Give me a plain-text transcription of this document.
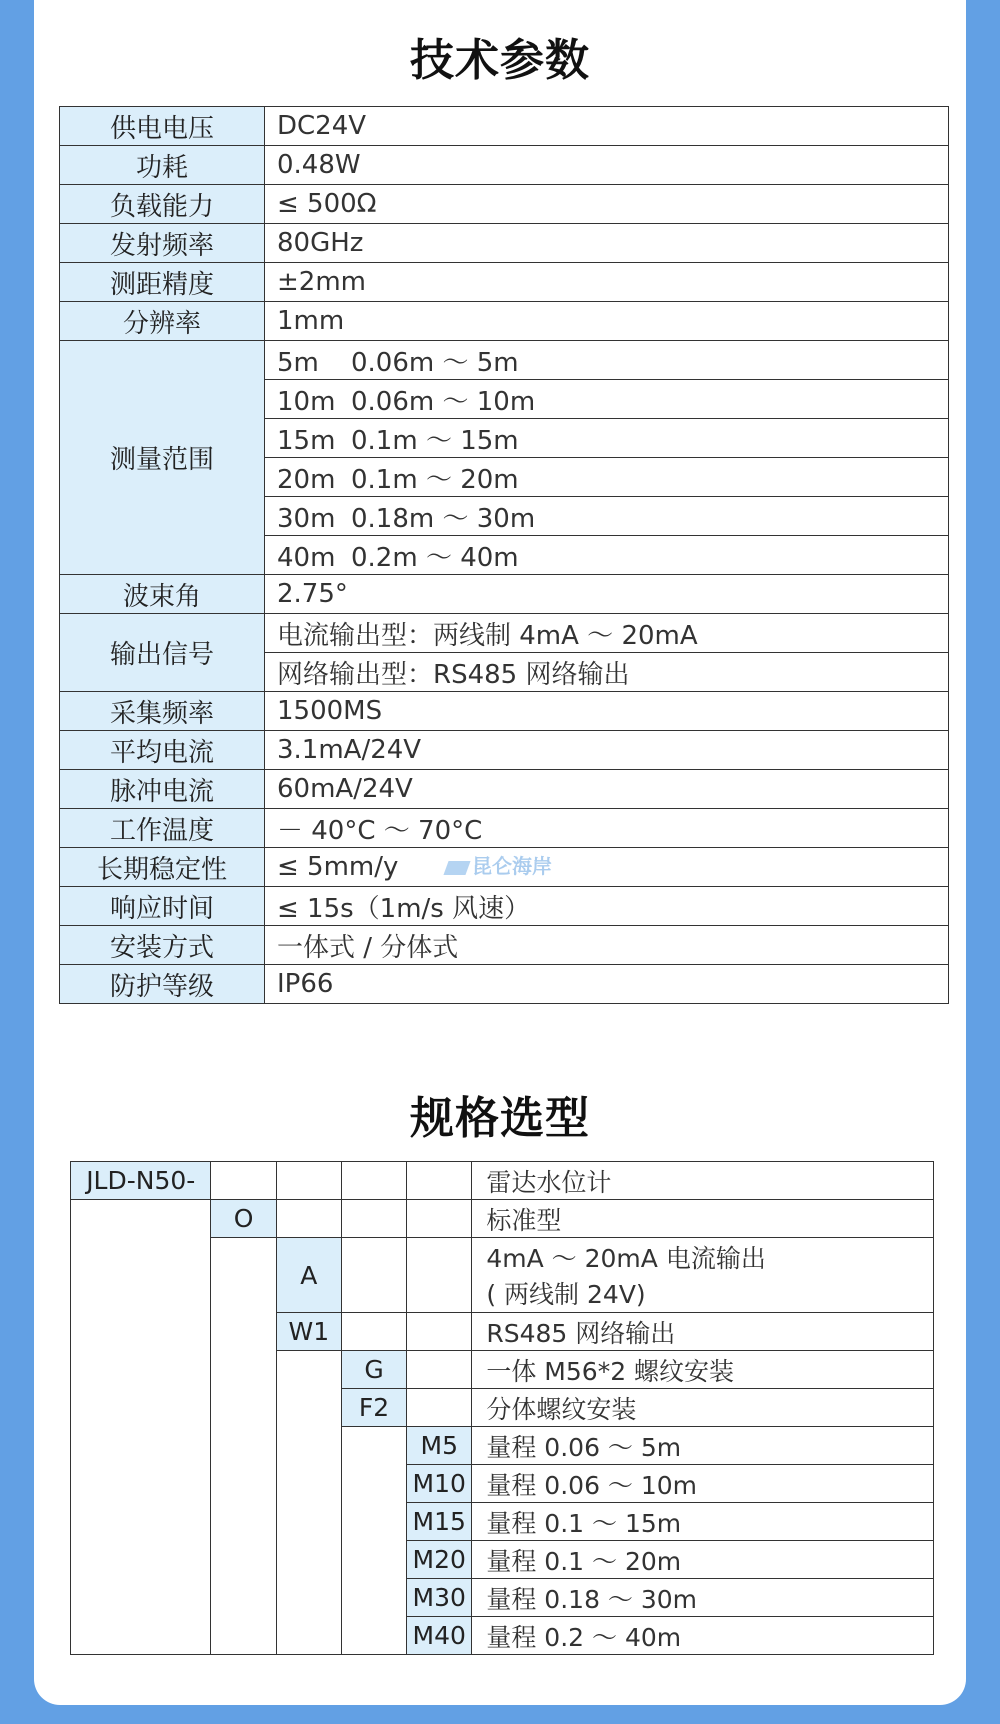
技术参数
供电电压	DC24V
功耗	0.48W
负载能力	≤ 500Ω
发射频率	80GHz
测距精度	±2mm
分辨率	1mm
测量范围	5m 0.06m ～ 5m
	10m 0.06m ～ 10m
	15m 0.1m ～ 15m
	20m 0.1m ～ 20m
	30m 0.18m ～ 30m
	40m 0.2m ～ 40m
波束角	2.75°
输出信号	电流输出型：两线制 4mA ～ 20mA
	网络输出型：RS485 网络输出
采集频率	1500MS
平均电流	3.1mA/24V
脉冲电流	60mA/24V
工作温度	－ 40°C ～ 70°C
长期稳定性	≤ 5mm/y
响应时间	≤ 15s（1m/s 风速）
安装方式	一体式 / 分体式
防护等级	IP66
昆仑海岸
规格选型
JLD-N50-					雷达水位计
	O				标准型
		A			4mA ～ 20mA 电流输出
( 两线制 24V)

		W1			RS485 网络输出
			G		一体 M56*2 螺纹安装
			F2		分体螺纹安装
				M5	量程 0.06 ～ 5m
				M10	量程 0.06 ～ 10m
				M15	量程 0.1 ～ 15m
				M20	量程 0.1 ～ 20m
				M30	量程 0.18 ～ 30m
				M40	量程 0.2 ～ 40m
